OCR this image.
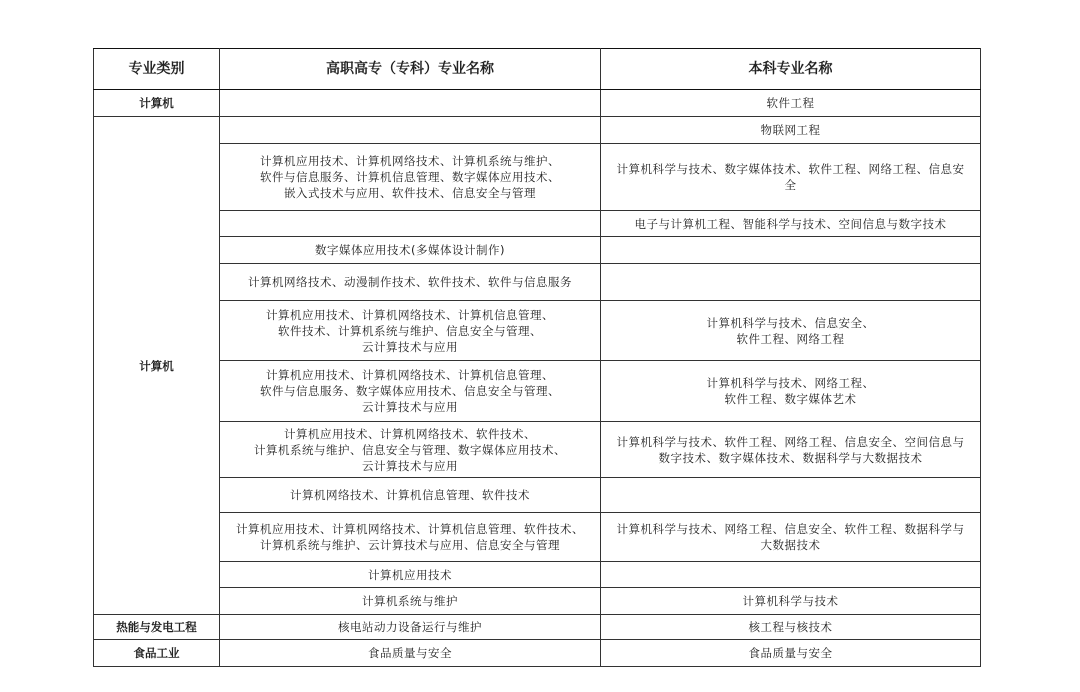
专业类别	高职高专（专科）专业名称	本科专业名称
计算机		软件工程

计算机		物联网工程

	计算机应用技术、计算机网络技术、计算机系统与维护、
软件与信息服务、计算机信息管理、数字媒体应用技术、
嵌入式技术与应用、软件技术、信息安全与管理	计算机科学与技术、数字媒体技术、软件工程、网络工程、信息安
全

		电子与计算机工程、智能科学与技术、空间信息与数字技术

	数字媒体应用技术(多媒体设计制作)	

	计算机网络技术、动漫制作技术、软件技术、软件与信息服务	

	计算机应用技术、计算机网络技术、计算机信息管理、
软件技术、计算机系统与维护、信息安全与管理、
云计算技术与应用	计算机科学与技术、信息安全、
软件工程、网络工程

	计算机应用技术、计算机网络技术、计算机信息管理、
软件与信息服务、数字媒体应用技术、信息安全与管理、
云计算技术与应用	计算机科学与技术、网络工程、
软件工程、数字媒体艺术

	计算机应用技术、计算机网络技术、软件技术、
计算机系统与维护、信息安全与管理、数字媒体应用技术、
云计算技术与应用	计算机科学与技术、软件工程、网络工程、信息安全、空间信息与
数字技术、数字媒体技术、数据科学与大数据技术

	计算机网络技术、计算机信息管理、软件技术	

	计算机应用技术、计算机网络技术、计算机信息管理、软件技术、
计算机系统与维护、云计算技术与应用、信息安全与管理	计算机科学与技术、网络工程、信息安全、软件工程、数据科学与
大数据技术

	计算机应用技术	

	计算机系统与维护	计算机科学与技术

热能与发电工程	核电站动力设备运行与维护	核工程与核技术

食品工业	食品质量与安全	食品质量与安全
